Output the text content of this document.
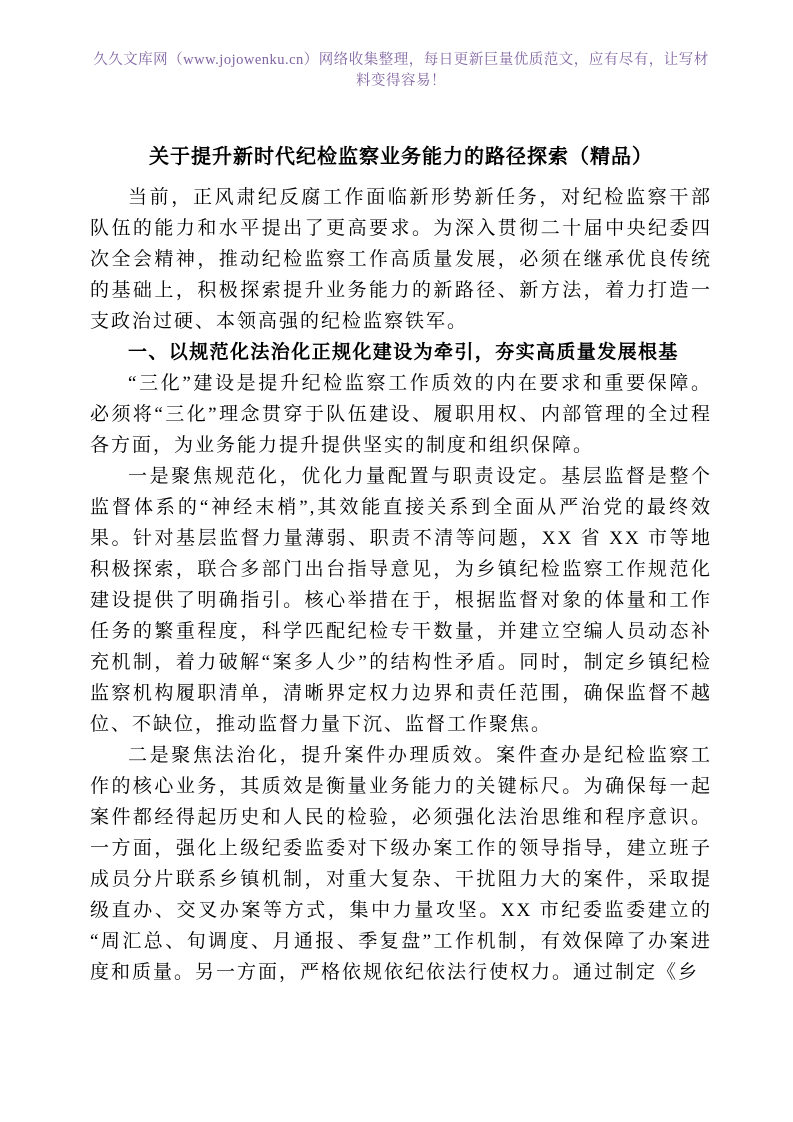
久久文库网（www.jojowenku.cn）网络收集整理，每日更新巨量优质范文，应有尽有，让写材料变得容易！
关于提升新时代纪检监察业务能力的路径探索（精品）

当前，正风肃纪反腐工作面临新形势新任务，对纪检监察干部队伍的能力和水平提出了更高要求。为深入贯彻二十届中央纪委四次全会精神，推动纪检监察工作高质量发展，必须在继承优良传统的基础上，积极探索提升业务能力的新路径、新方法，着力打造一支政治过硬、本领高强的纪检监察铁军。

一、以规范化法治化正规化建设为牵引，夯实高质量发展根基

“三化”建设是提升纪检监察工作质效的内在要求和重要保障。必须将“三化”理念贯穿于队伍建设、履职用权、内部管理的全过程各方面，为业务能力提升提供坚实的制度和组织保障。

一是聚焦规范化，优化力量配置与职责设定。基层监督是整个监督体系的“神经末梢”,其效能直接关系到全面从严治党的最终效果。针对基层监督力量薄弱、职责不清等问题，XX 省 XX 市等地积极探索，联合多部门出台指导意见，为乡镇纪检监察工作规范化建设提供了明确指引。核心举措在于，根据监督对象的体量和工作任务的繁重程度，科学匹配纪检专干数量，并建立空编人员动态补充机制，着力破解“案多人少”的结构性矛盾。同时，制定乡镇纪检监察机构履职清单，清晰界定权力边界和责任范围，确保监督不越位、不缺位，推动监督力量下沉、监督工作聚焦。

二是聚焦法治化，提升案件办理质效。案件查办是纪检监察工作的核心业务，其质效是衡量业务能力的关键标尺。为确保每一起案件都经得起历史和人民的检验，必须强化法治思维和程序意识。一方面，强化上级纪委监委对下级办案工作的领导指导，建立班子成员分片联系乡镇机制，对重大复杂、干扰阻力大的案件，采取提级直办、交叉办案等方式，集中力量攻坚。XX 市纪委监委建立的“周汇总、旬调度、月通报、季复盘”工作机制，有效保障了办案进度和质量。另一方面，严格依规依纪依法行使权力。通过制定《乡
